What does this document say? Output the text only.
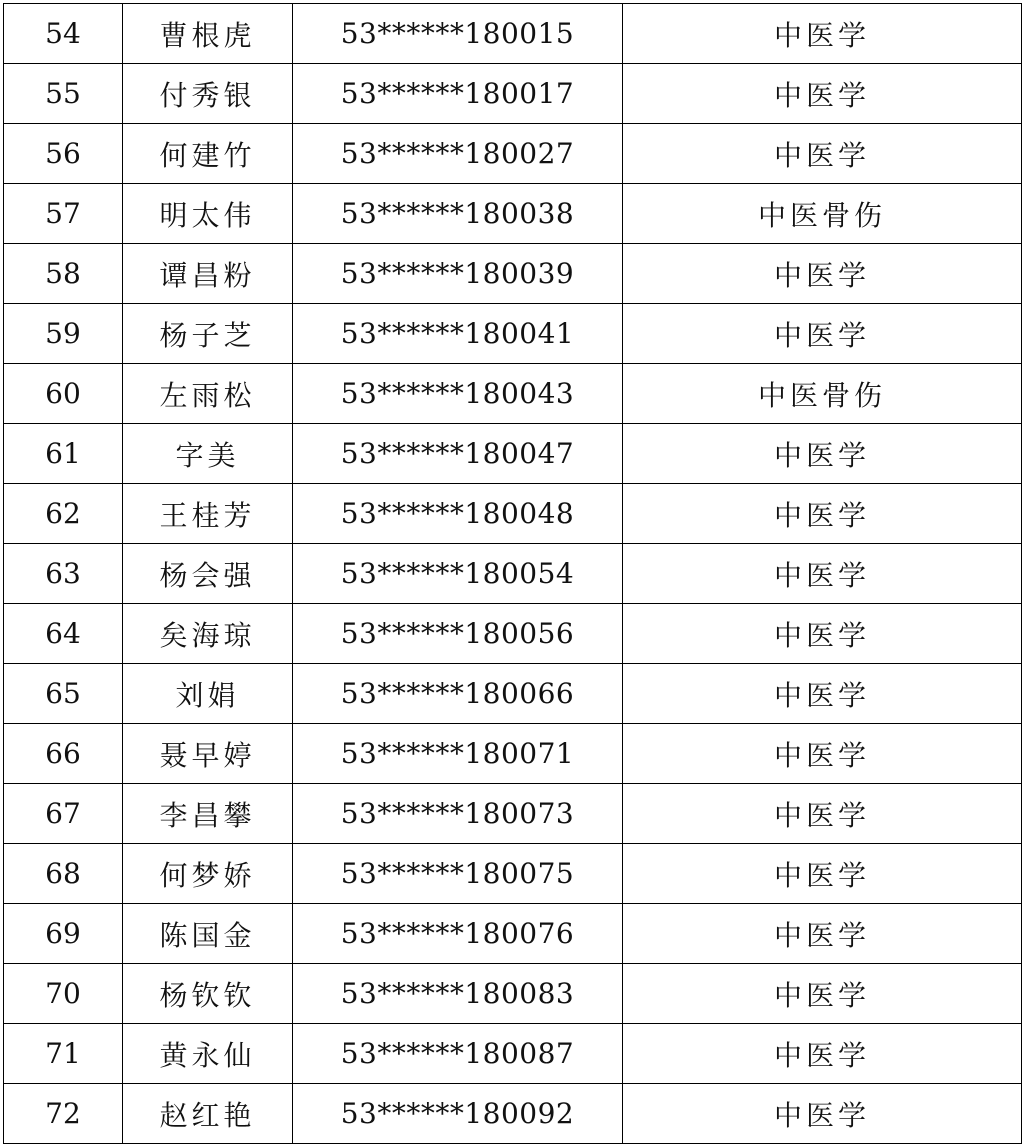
54	曹根虎	53******180015	中医学
55	付秀银	53******180017	中医学
56	何建竹	53******180027	中医学
57	明太伟	53******180038	中医骨伤
58	谭昌粉	53******180039	中医学
59	杨子芝	53******180041	中医学
60	左雨松	53******180043	中医骨伤
61	字美	53******180047	中医学
62	王桂芳	53******180048	中医学
63	杨会强	53******180054	中医学
64	矣海琼	53******180056	中医学
65	刘娟	53******180066	中医学
66	聂早婷	53******180071	中医学
67	李昌攀	53******180073	中医学
68	何梦娇	53******180075	中医学
69	陈国金	53******180076	中医学
70	杨钦钦	53******180083	中医学
71	黄永仙	53******180087	中医学
72	赵红艳	53******180092	中医学
